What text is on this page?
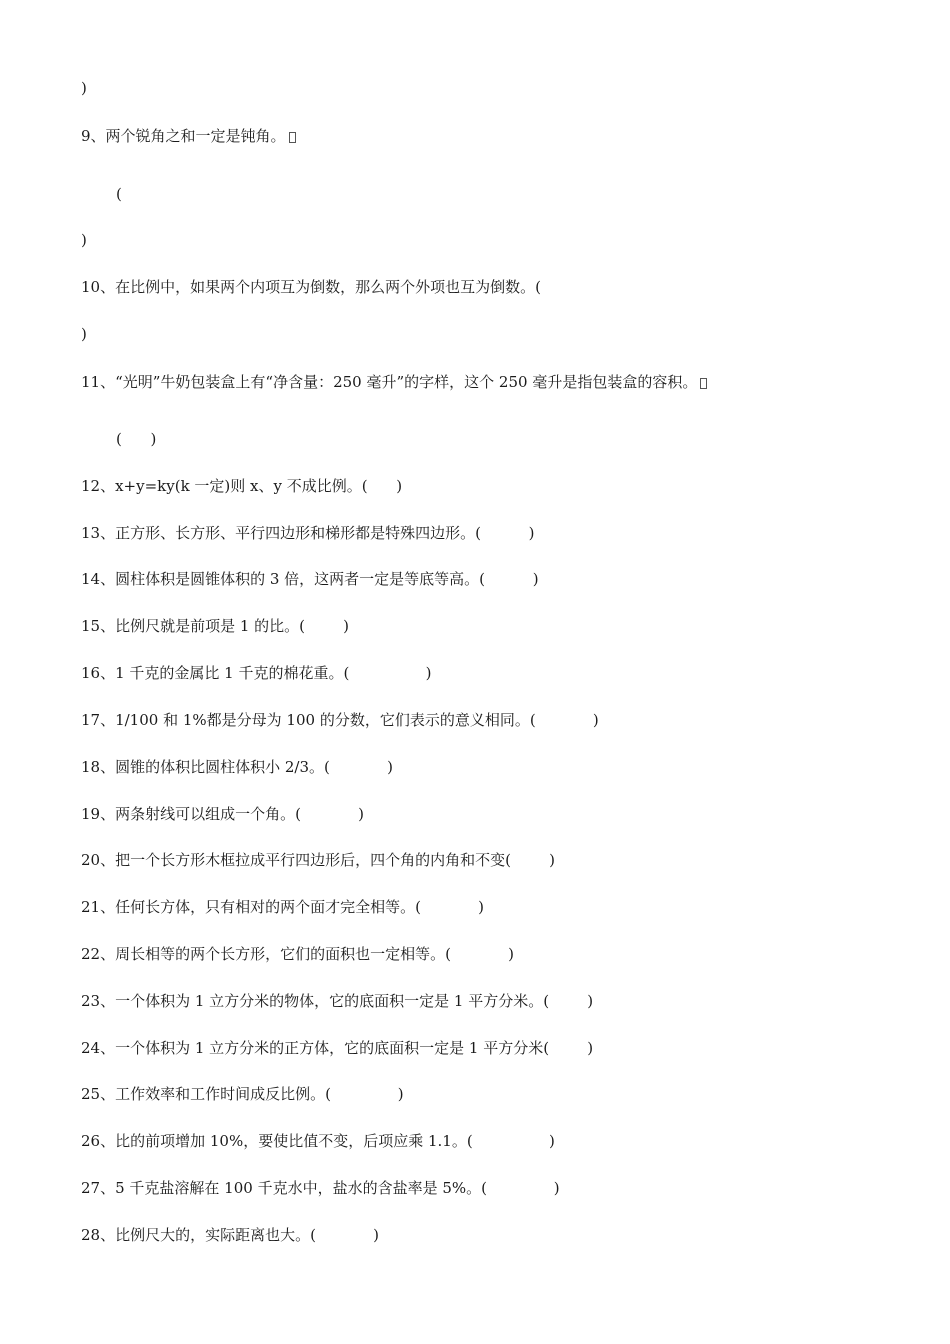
)
9、两个锐角之和一定是钝角。
(
)
10、在比例中，如果两个内项互为倒数，那么两个外项也互为倒数。(
)
11、“光明”牛奶包装盒上有“净含量：250 毫升”的字样，这个 250 毫升是指包装盒的容积。
(      )
12、x+y=ky(k 一定)则 x、y 不成比例。(      )
13、正方形、长方形、平行四边形和梯形都是特殊四边形。(          )
14、圆柱体积是圆锥体积的 3 倍，这两者一定是等底等高。(          )
15、比例尺就是前项是 1 的比。(        )
16、1 千克的金属比 1 千克的棉花重。(                )
17、1/100 和 1%都是分母为 100 的分数，它们表示的意义相同。(            )
18、圆锥的体积比圆柱体积小 2/3。(            )
19、两条射线可以组成一个角。(            )
20、把一个长方形木框拉成平行四边形后，四个角的内角和不变(        )
21、任何长方体，只有相对的两个面才完全相等。(            )
22、周长相等的两个长方形，它们的面积也一定相等。(            )
23、一个体积为 1 立方分米的物体，它的底面积一定是 1 平方分米。(        )
24、一个体积为 1 立方分米的正方体，它的底面积一定是 1 平方分米(        )
25、工作效率和工作时间成反比例。(              )
26、比的前项增加 10%，要使比值不变，后项应乘 1.1。(                )
27、5 千克盐溶解在 100 千克水中，盐水的含盐率是 5%。(              )
28、比例尺大的，实际距离也大。(            )
